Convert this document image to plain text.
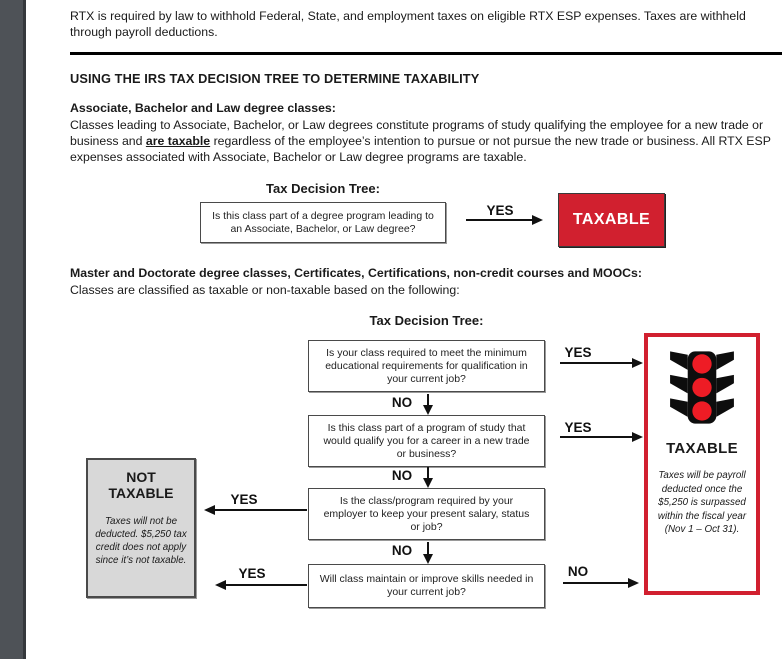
RTX is required by law to withhold Federal, State, and employment taxes on eligible RTX ESP expenses. Taxes are withheld through payroll deductions.
USING THE IRS TAX DECISION TREE TO DETERMINE TAXABILITY
Associate, Bachelor and Law degree classes:
Classes leading to Associate, Bachelor, or Law degrees constitute programs of study qualifying the employee for a new trade or business and are taxable regardless of the employee’s intention to pursue or not pursue the new trade or business. All RTX ESP expenses associated with Associate, Bachelor or Law degree programs are taxable.
Tax Decision Tree:
Is this class part of a degree program leading to an Associate, Bachelor, or Law degree?
YES
TAXABLE
Master and Doctorate degree classes, Certificates, Certifications, non-credit courses and MOOCs:
Classes are classified as taxable or non-taxable based on the following:
Tax Decision Tree:
Is your class required to meet the minimum educational requirements for qualification in your current job?
Is this class part of a program of study that would qualify you for a career in a new trade or business?
Is the class/program required by your employer to keep your present salary, status or job?
Will class maintain or improve skills needed in your current job?
NO
NO
NO
YES
YES
NO
YES
YES
NOT
TAXABLE
Taxes will not be deducted. $5,250 tax credit does not apply since it’s not taxable.
TAXABLE
Taxes will be payroll deducted once the $5,250 is surpassed within the fiscal year (Nov 1 – Oct 31).
